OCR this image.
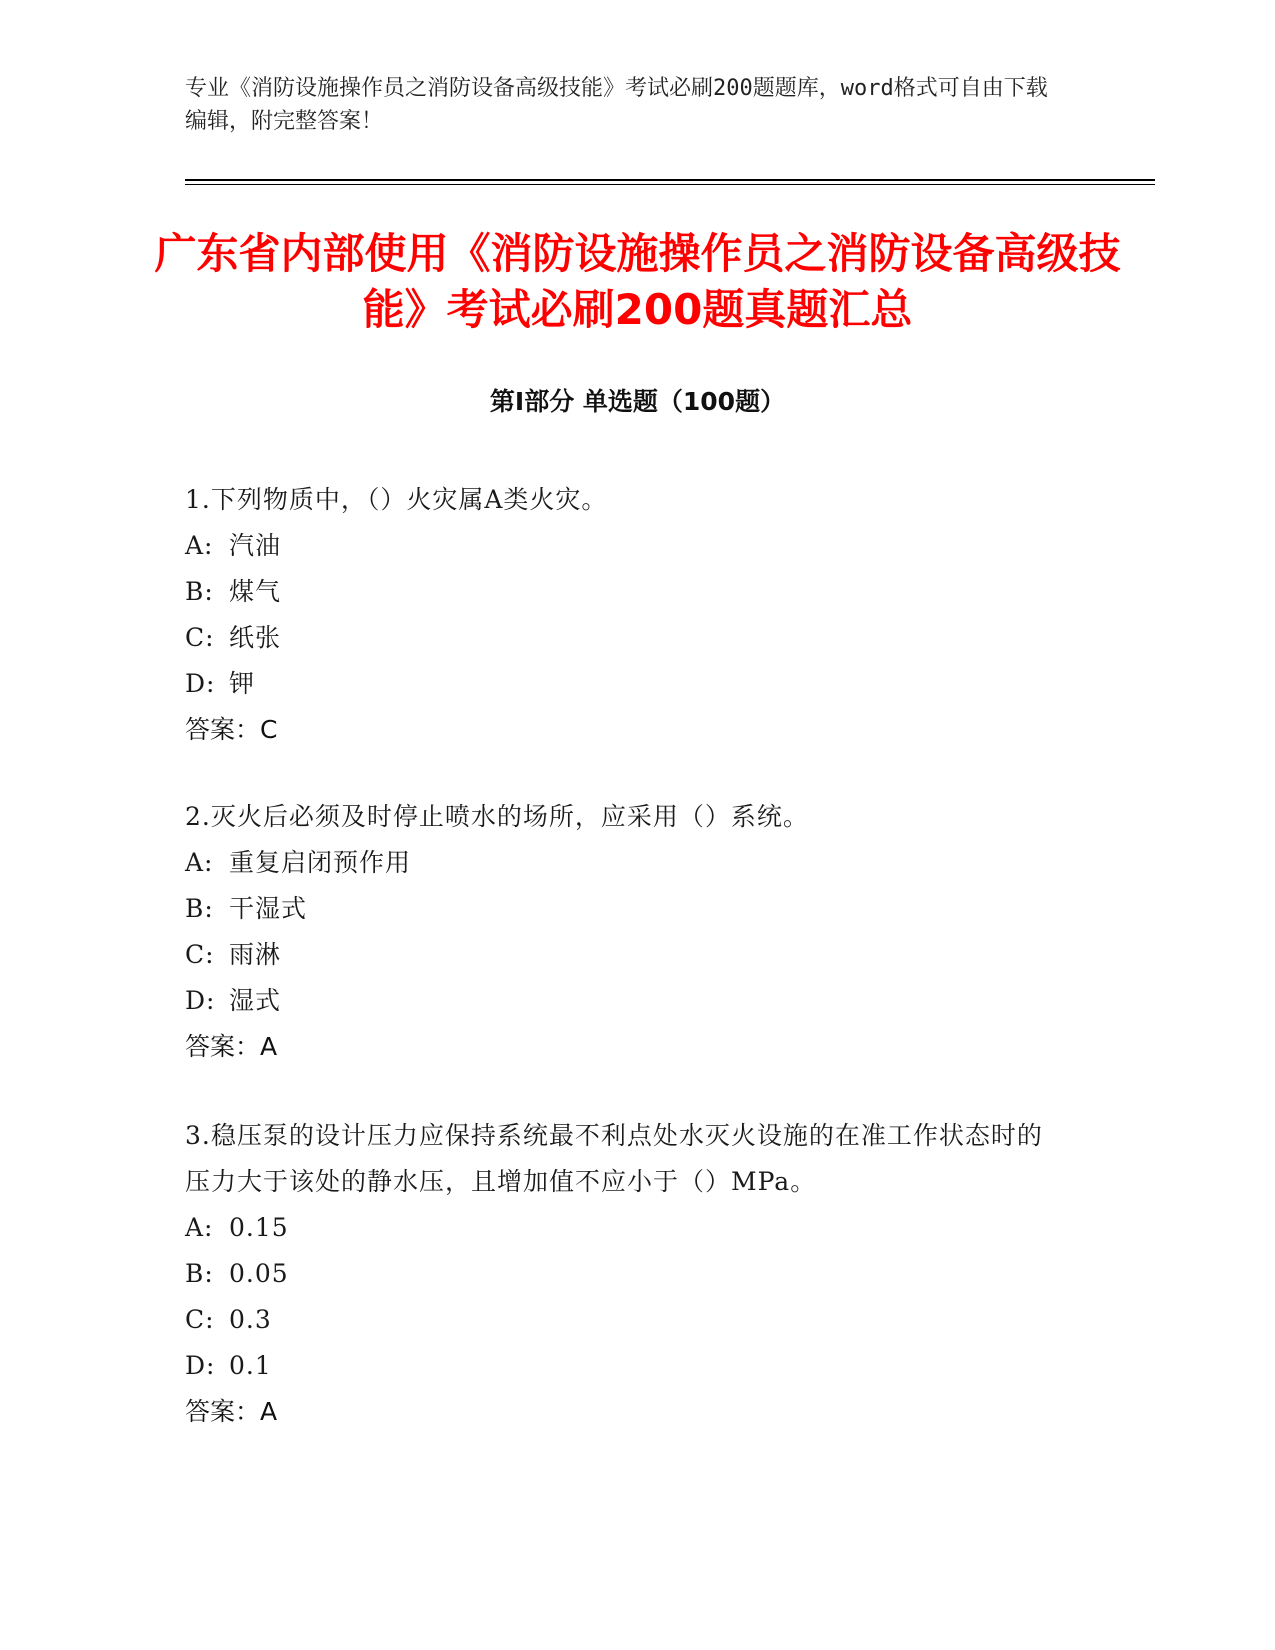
专业《消防设施操作员之消防设备高级技能》考试必刷200题题库，word格式可自由下载编辑，附完整答案！
广东省内部使用《消防设施操作员之消防设备高级技能》考试必刷200题真题汇总
第Ⅰ部分 单选题（100题）
1.下列物质中，（）火灾属A类火灾。
A: 汽油
B: 煤气
C: 纸张
D: 钾
答案：C
2.灭火后必须及时停止喷水的场所，应采用（）系统。
A: 重复启闭预作用
B: 干湿式
C: 雨淋
D: 湿式
答案：A
3.稳压泵的设计压力应保持系统最不利点处水灭火设施的在准工作状态时的压力大于该处的静水压，且增加值不应小于（）MPa。
A: 0.15
B: 0.05
C: 0.3
D: 0.1
答案：A
